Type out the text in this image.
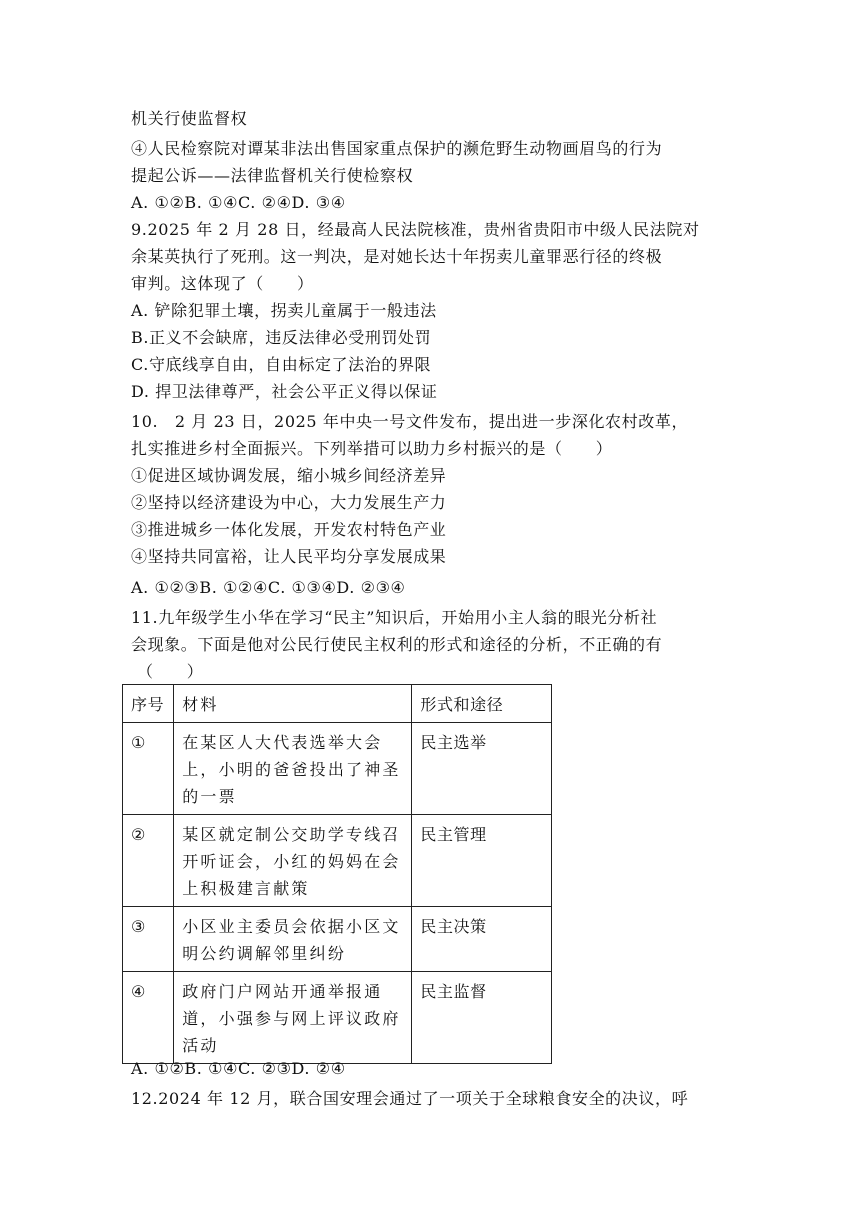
机关行使监督权
④人民检察院对谭某非法出售国家重点保护的濒危野生动物画眉鸟的行为
提起公诉——法律监督机关行使检察权
A. ①②B. ①④C. ②④D. ③④
9.2025 年 2 月 28 日，经最高人民法院核准，贵州省贵阳市中级人民法院对
余某英执行了死刑。这一判决，是对她长达十年拐卖儿童罪恶行径的终极
审判。这体现了（　　）
A. 铲除犯罪土壤，拐卖儿童属于一般违法
B.正义不会缺席，违反法律必受刑罚处罚
C.守底线享自由，自由标定了法治的界限
D. 捍卫法律尊严，社会公平正义得以保证
10.　2 月 23 日，2025 年中央一号文件发布，提出进一步深化农村改革，
扎实推进乡村全面振兴。下列举措可以助力乡村振兴的是（　　）
①促进区域协调发展，缩小城乡间经济差异
②坚持以经济建设为中心，大力发展生产力
③推进城乡一体化发展，开发农村特色产业
④坚持共同富裕，让人民平均分享发展成果
A. ①②③B. ①②④C. ①③④D. ②③④
11.九年级学生小华在学习“民主”知识后，开始用小主人翁的眼光分析社
会现象。下面是他对公民行使民主权利的形式和途径的分析，不正确的有
（　　）
序号	材料	形式和途径
①	在某区人大代表选举大会上，小明的爸爸投出了神圣的一票	民主选举
②	某区就定制公交助学专线召开听证会，小红的妈妈在会上积极建言献策	民主管理
③	小区业主委员会依据小区文明公约调解邻里纠纷	民主决策
④	政府门户网站开通举报通道，小强参与网上评议政府活动	民主监督
A. ①②B. ①④C. ②③D. ②④
12.2024 年 12 月，联合国安理会通过了一项关于全球粮食安全的决议，呼
